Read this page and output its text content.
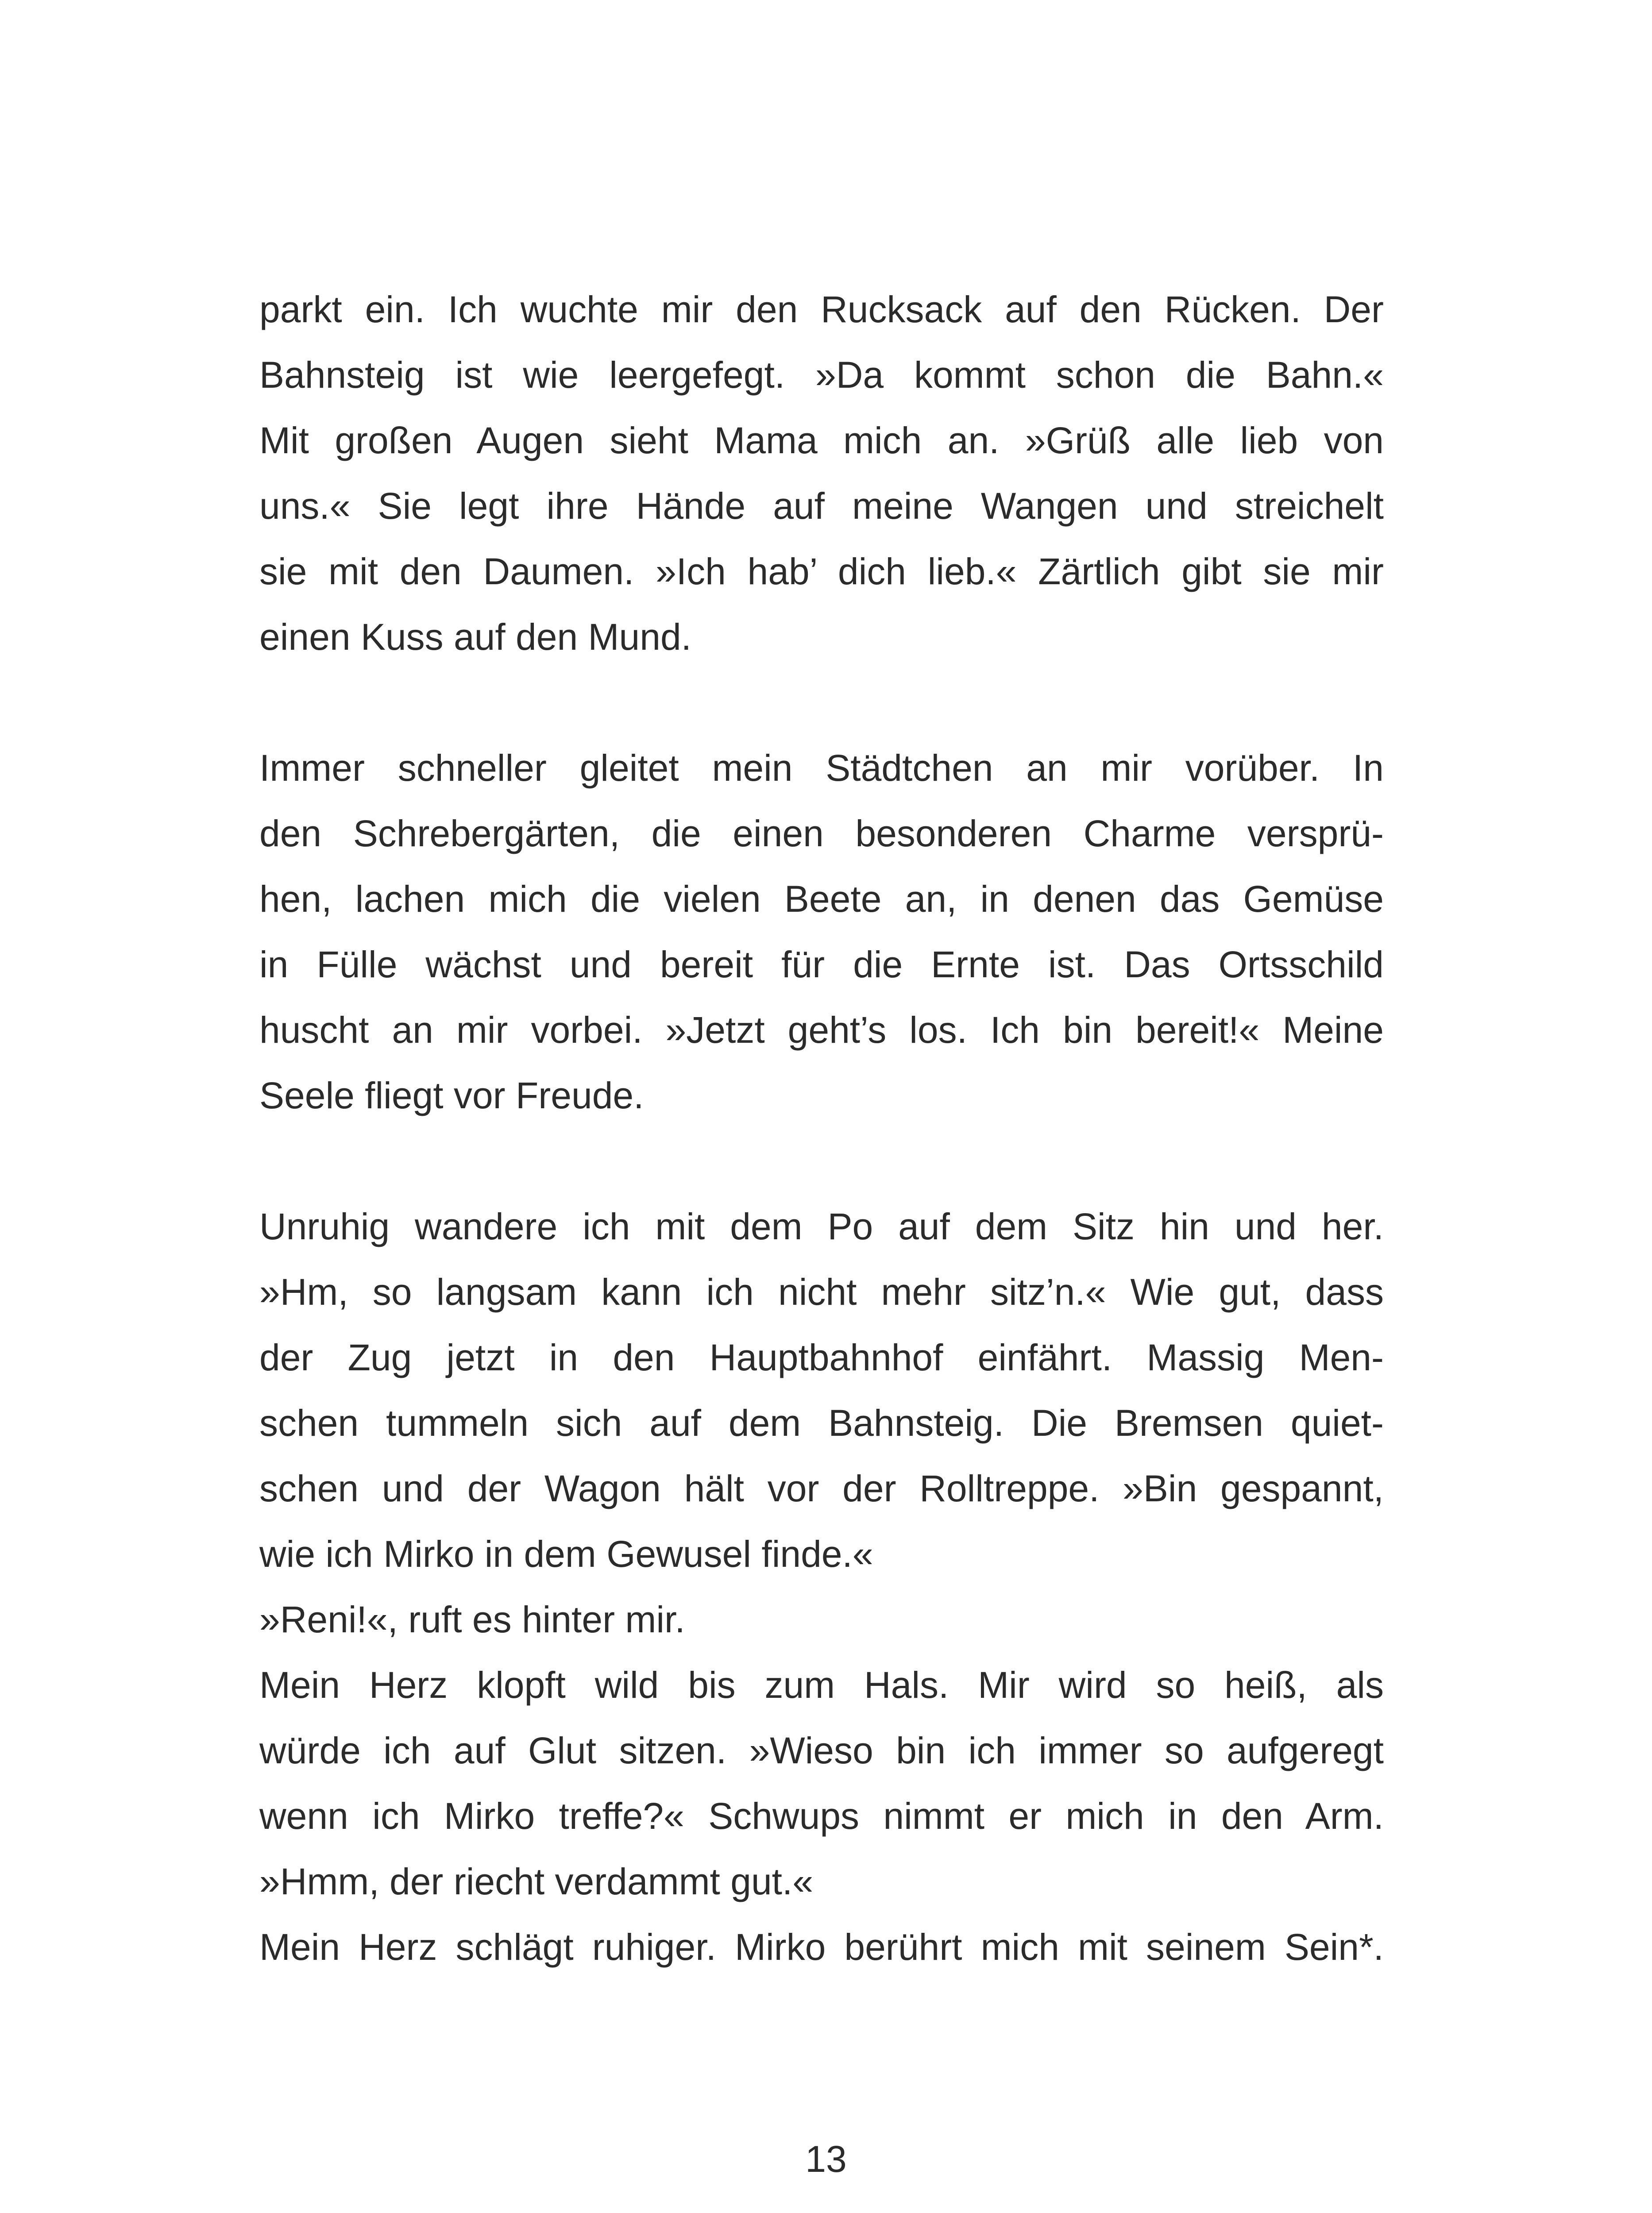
parkt ein. Ich wuchte mir den Rucksack auf den Rücken. Der
Bahnsteig ist wie leergefegt. »Da kommt schon die Bahn.«
Mit großen Augen sieht Mama mich an. »Grüß alle lieb von
uns.« Sie legt ihre Hände auf meine Wangen und streichelt
sie mit den Daumen. »Ich hab’ dich lieb.« Zärtlich gibt sie mir
einen Kuss auf den Mund.
Immer schneller gleitet mein Städtchen an mir vorüber. In
den Schrebergärten, die einen besonderen Charme versprü-
hen, lachen mich die vielen Beete an, in denen das Gemüse
in Fülle wächst und bereit für die Ernte ist. Das Ortsschild
huscht an mir vorbei. »Jetzt geht’s los. Ich bin bereit!« Meine
Seele fliegt vor Freude.
Unruhig wandere ich mit dem Po auf dem Sitz hin und her.
»Hm, so langsam kann ich nicht mehr sitz’n.« Wie gut, dass
der Zug jetzt in den Hauptbahnhof einfährt. Massig Men-
schen tummeln sich auf dem Bahnsteig. Die Bremsen quiet-
schen und der Wagon hält vor der Rolltreppe. »Bin gespannt,
wie ich Mirko in dem Gewusel finde.«
»Reni!«, ruft es hinter mir.
Mein Herz klopft wild bis zum Hals. Mir wird so heiß, als
würde ich auf Glut sitzen. »Wieso bin ich immer so aufgeregt
wenn ich Mirko treffe?« Schwups nimmt er mich in den Arm.
»Hmm, der riecht verdammt gut.«
Mein Herz schlägt ruhiger. Mirko berührt mich mit seinem Sein*.
13
